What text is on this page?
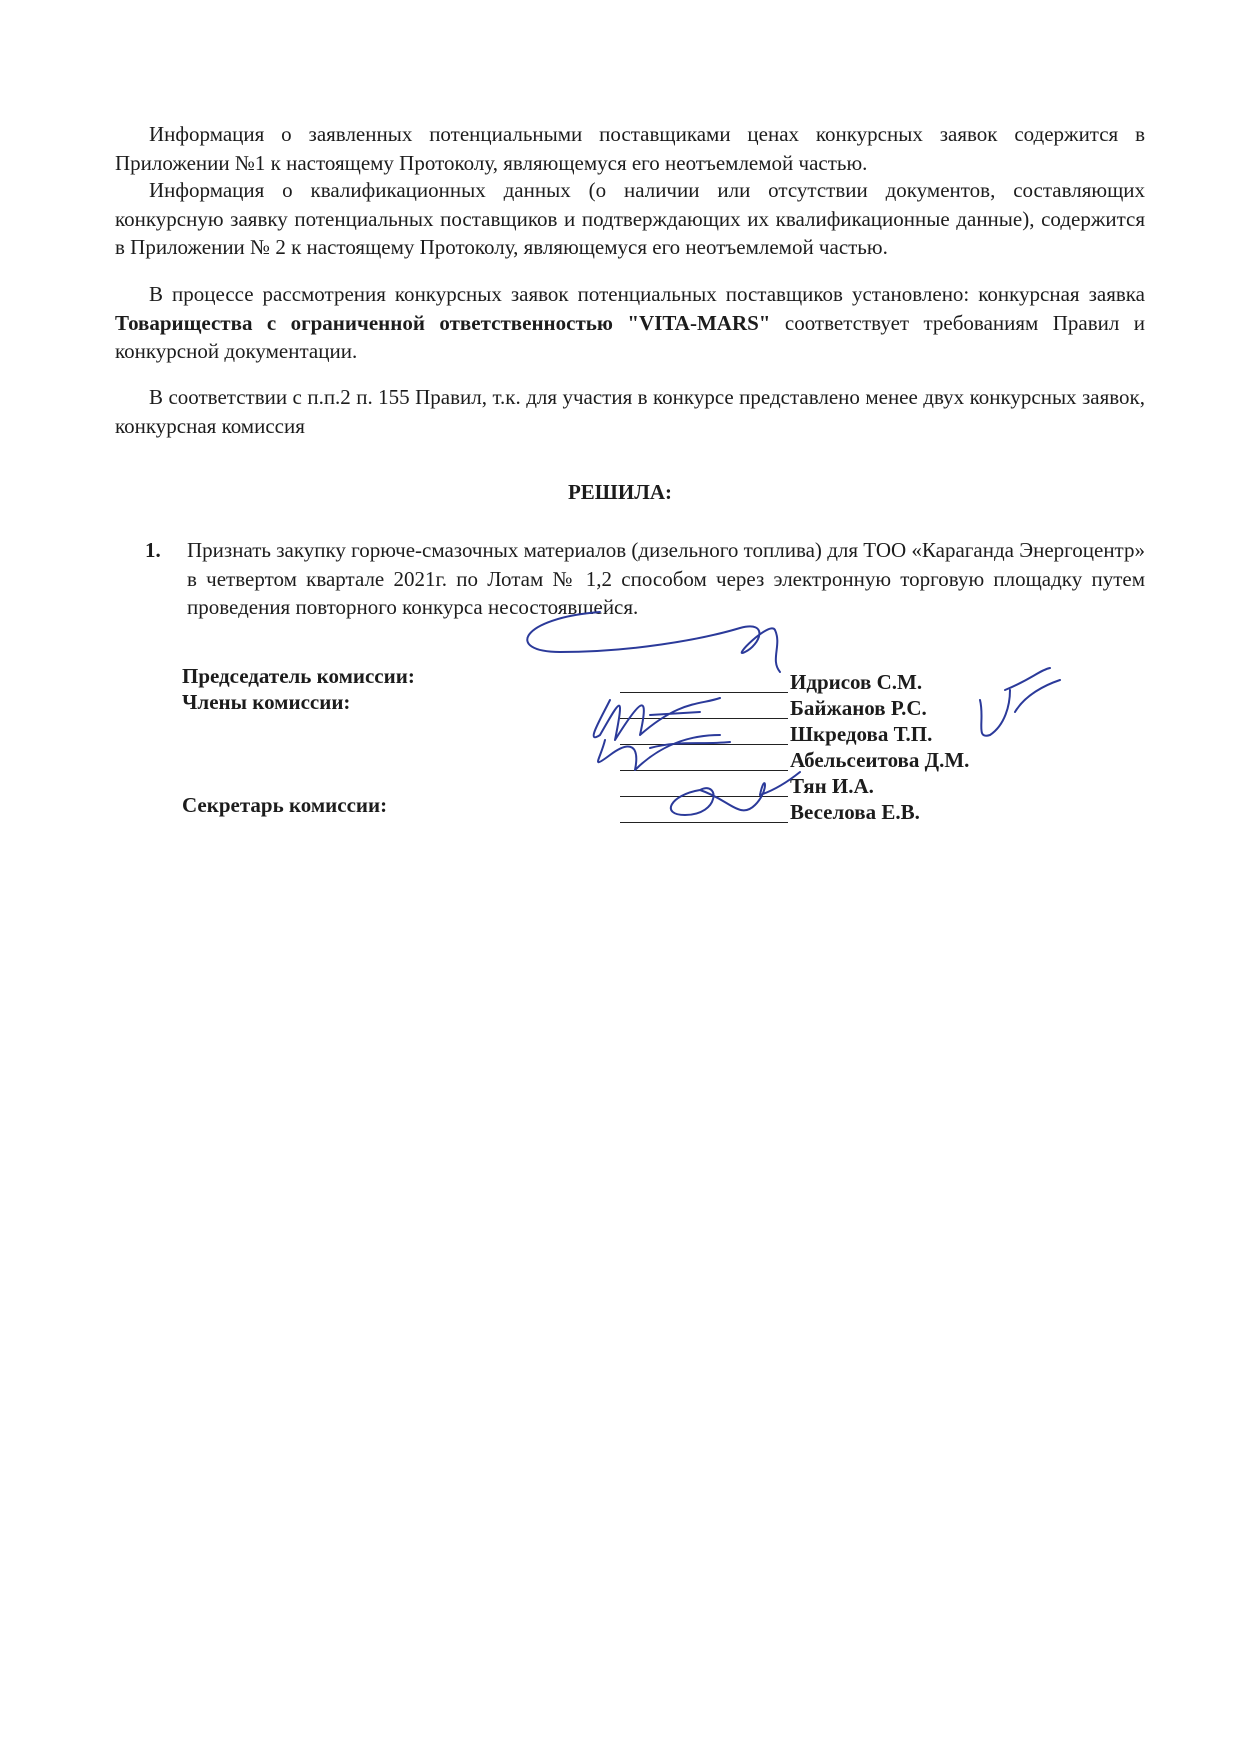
Информация о заявленных потенциальными поставщиками ценах конкурсных заявок содержится в Приложении №1 к настоящему Протоколу, являющемуся его неотъемлемой частью.

Информация о квалификационных данных (о наличии или отсутствии документов, составляющих конкурсную заявку потенциальных поставщиков и подтверждающих их квалификационные данные), содержится в Приложении № 2 к настоящему Протоколу, являющемуся его неотъемлемой частью.

В процессе рассмотрения конкурсных заявок потенциальных поставщиков установлено: конкурсная заявка Товарищества с ограниченной ответственностью "VITA-MARS" соответствует требованиям Правил и конкурсной документации.

В соответствии с п.п.2 п. 155 Правил, т.к. для участия в конкурсе представлено менее двух конкурсных заявок, конкурсная комиссия

РЕШИЛА:

1. Признать закупку горюче-смазочных материалов (дизельного топлива) для ТОО «Караганда Энергоцентр» в четвертом квартале 2021г. по Лотам № 1,2 способом через электронную торговую площадку путем проведения повторного конкурса несостоявшейся.

Председатель комиссии:

Члены комиссии:

Секретарь комиссии:

Идрисов С.М.
Байжанов Р.С.
Шкредова Т.П.
Абельсеитова Д.М.
Тян И.А.
Веселова Е.В.
